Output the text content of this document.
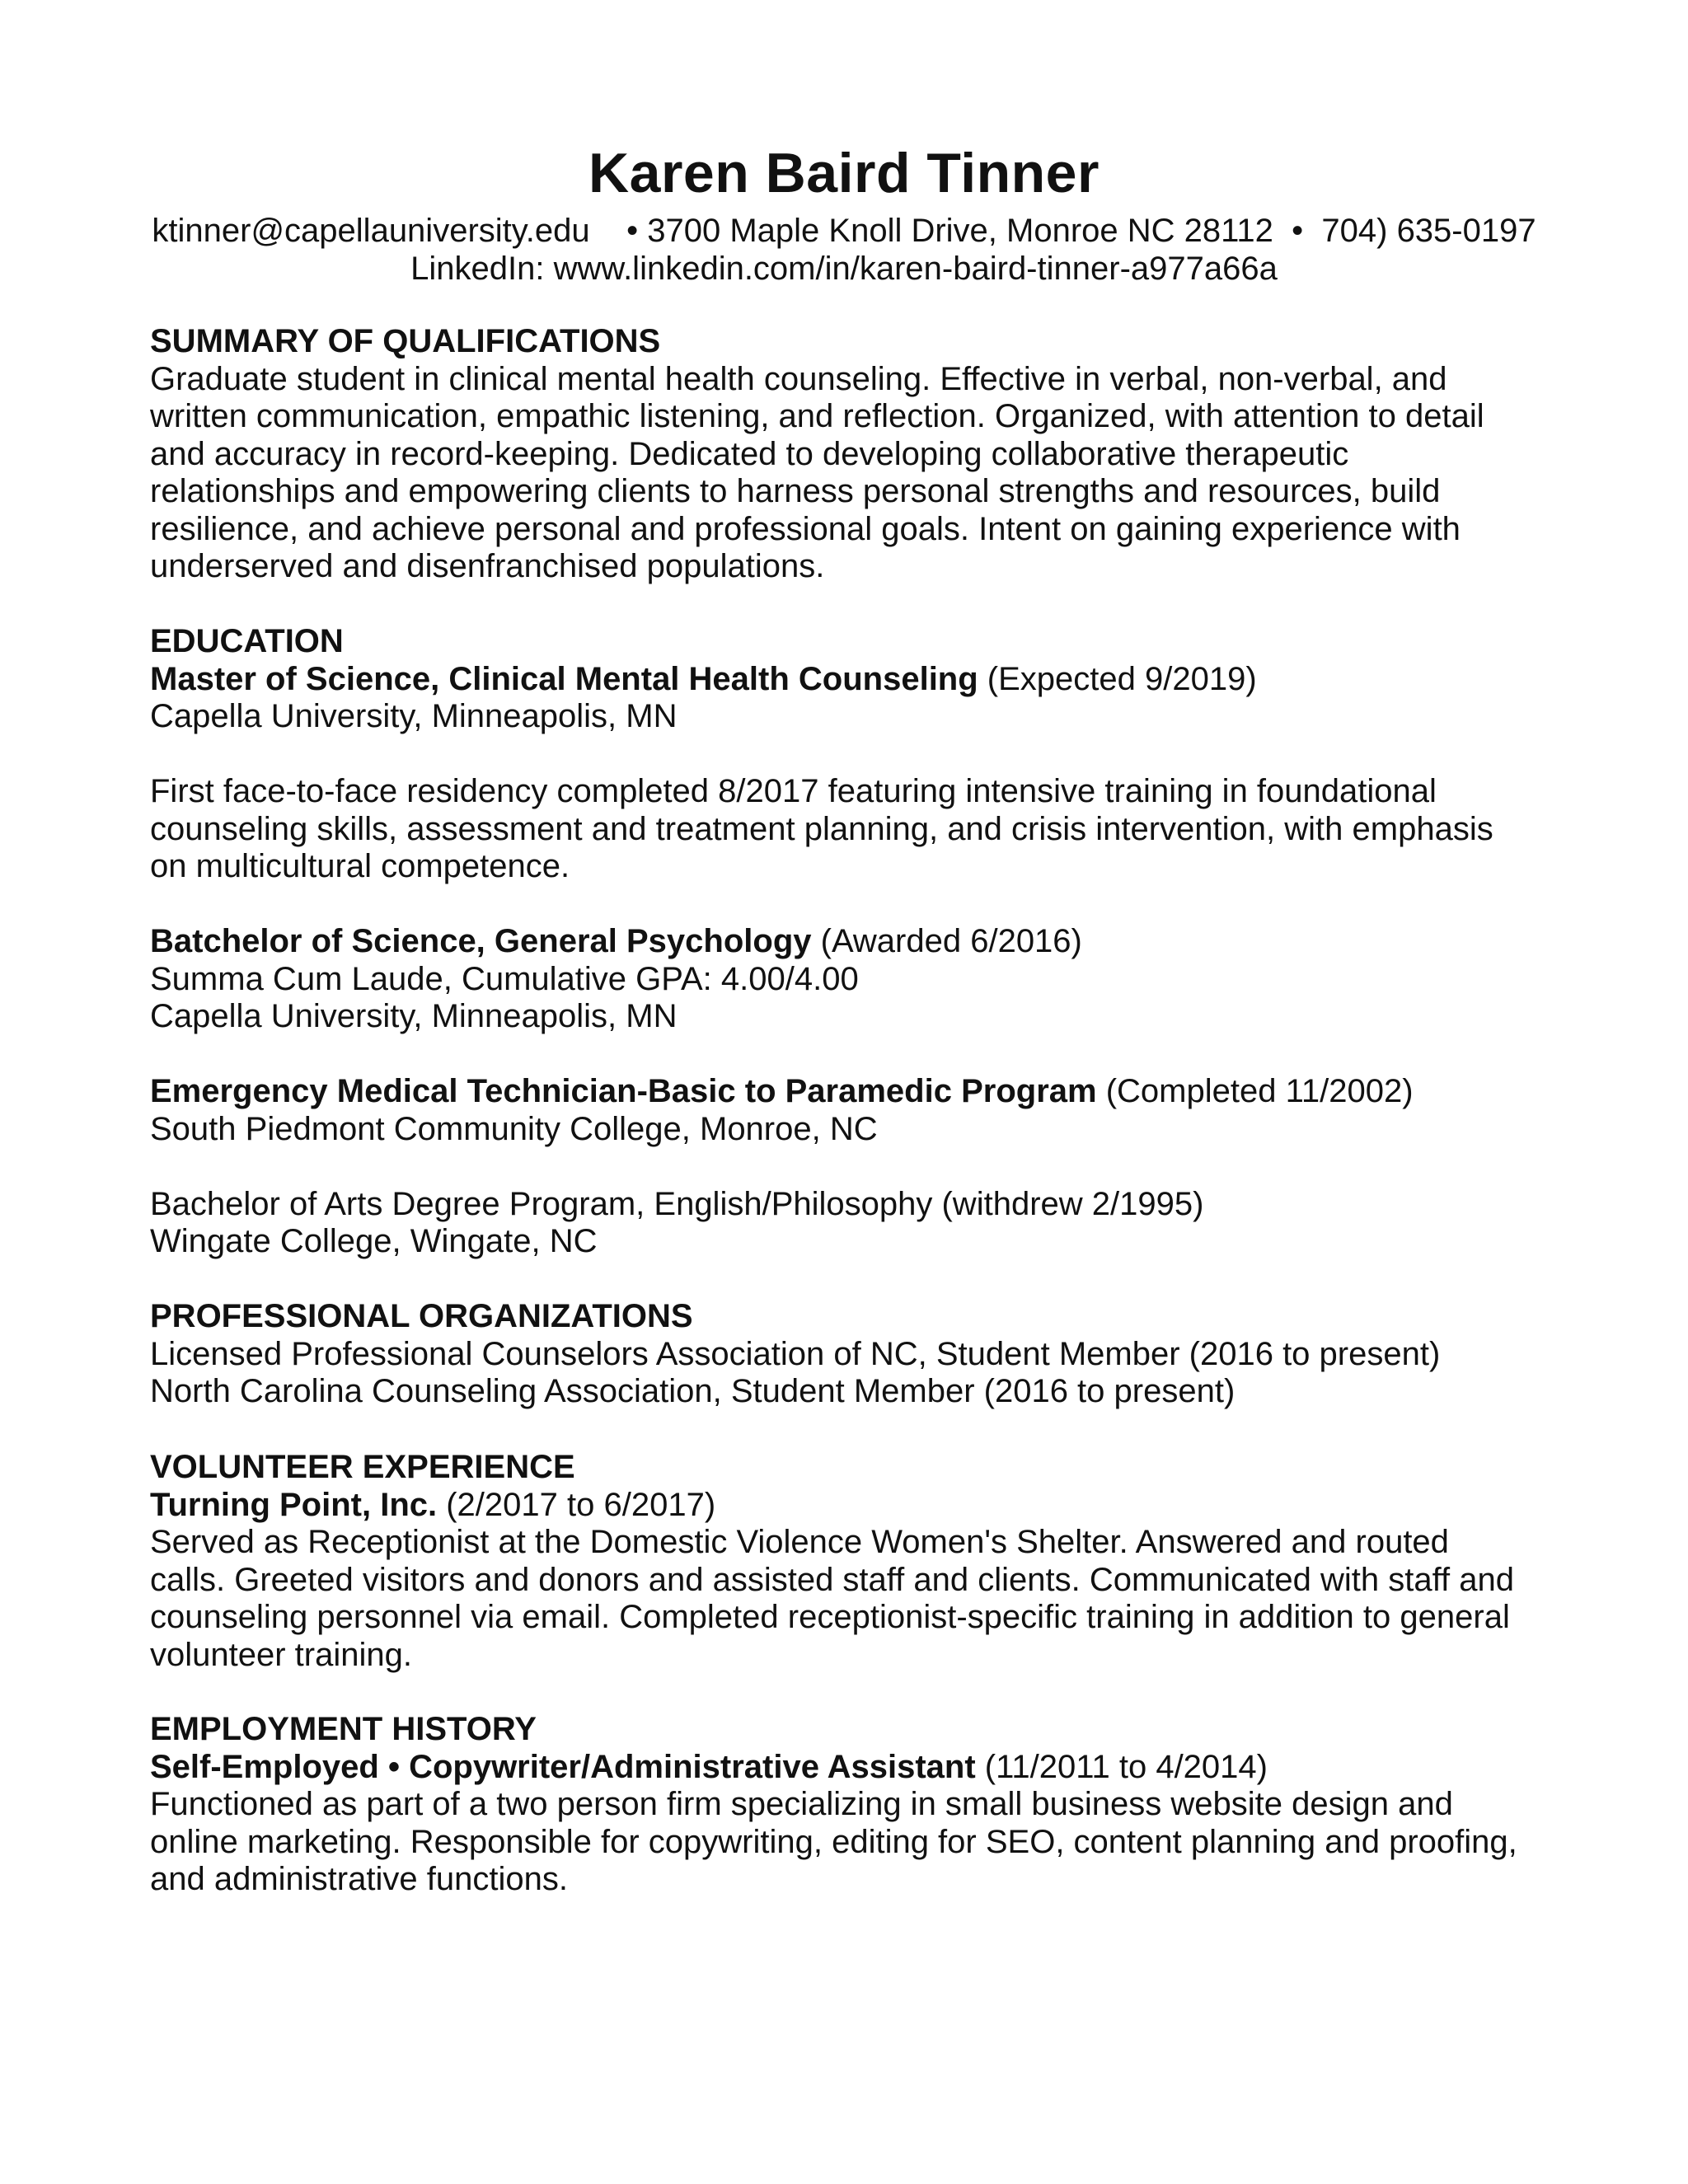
Karen Baird Tinner
ktinner@capellauniversity.edu • 3700 Maple Knoll Drive, Monroe NC 28112 • 704) 635-0197
LinkedIn: www.linkedin.com/in/karen-baird-tinner-a977a66a
SUMMARY OF QUALIFICATIONS
Graduate student in clinical mental health counseling. Effective in verbal, non-verbal, and
written communication, empathic listening, and reflection. Organized, with attention to detail
and accuracy in record-keeping. Dedicated to developing collaborative therapeutic
relationships and empowering clients to harness personal strengths and resources, build
resilience, and achieve personal and professional goals. Intent on gaining experience with
underserved and disenfranchised populations.
EDUCATION
Master of Science, Clinical Mental Health Counseling (Expected 9/2019)
Capella University, Minneapolis, MN
First face-to-face residency completed 8/2017 featuring intensive training in foundational
counseling skills, assessment and treatment planning, and crisis intervention, with emphasis
on multicultural competence.
Batchelor of Science, General Psychology (Awarded 6/2016)
Summa Cum Laude, Cumulative GPA: 4.00/4.00
Capella University, Minneapolis, MN
Emergency Medical Technician-Basic to Paramedic Program (Completed 11/2002)
South Piedmont Community College, Monroe, NC
Bachelor of Arts Degree Program, English/Philosophy (withdrew 2/1995)
Wingate College, Wingate, NC
PROFESSIONAL ORGANIZATIONS
Licensed Professional Counselors Association of NC, Student Member (2016 to present)
North Carolina Counseling Association, Student Member (2016 to present)
VOLUNTEER EXPERIENCE
Turning Point, Inc. (2/2017 to 6/2017)
Served as Receptionist at the Domestic Violence Women's Shelter. Answered and routed
calls. Greeted visitors and donors and assisted staff and clients. Communicated with staff and
counseling personnel via email. Completed receptionist-specific training in addition to general
volunteer training.
EMPLOYMENT HISTORY
Self-Employed • Copywriter/Administrative Assistant (11/2011 to 4/2014)
Functioned as part of a two person firm specializing in small business website design and
online marketing. Responsible for copywriting, editing for SEO, content planning and proofing,
and administrative functions.
